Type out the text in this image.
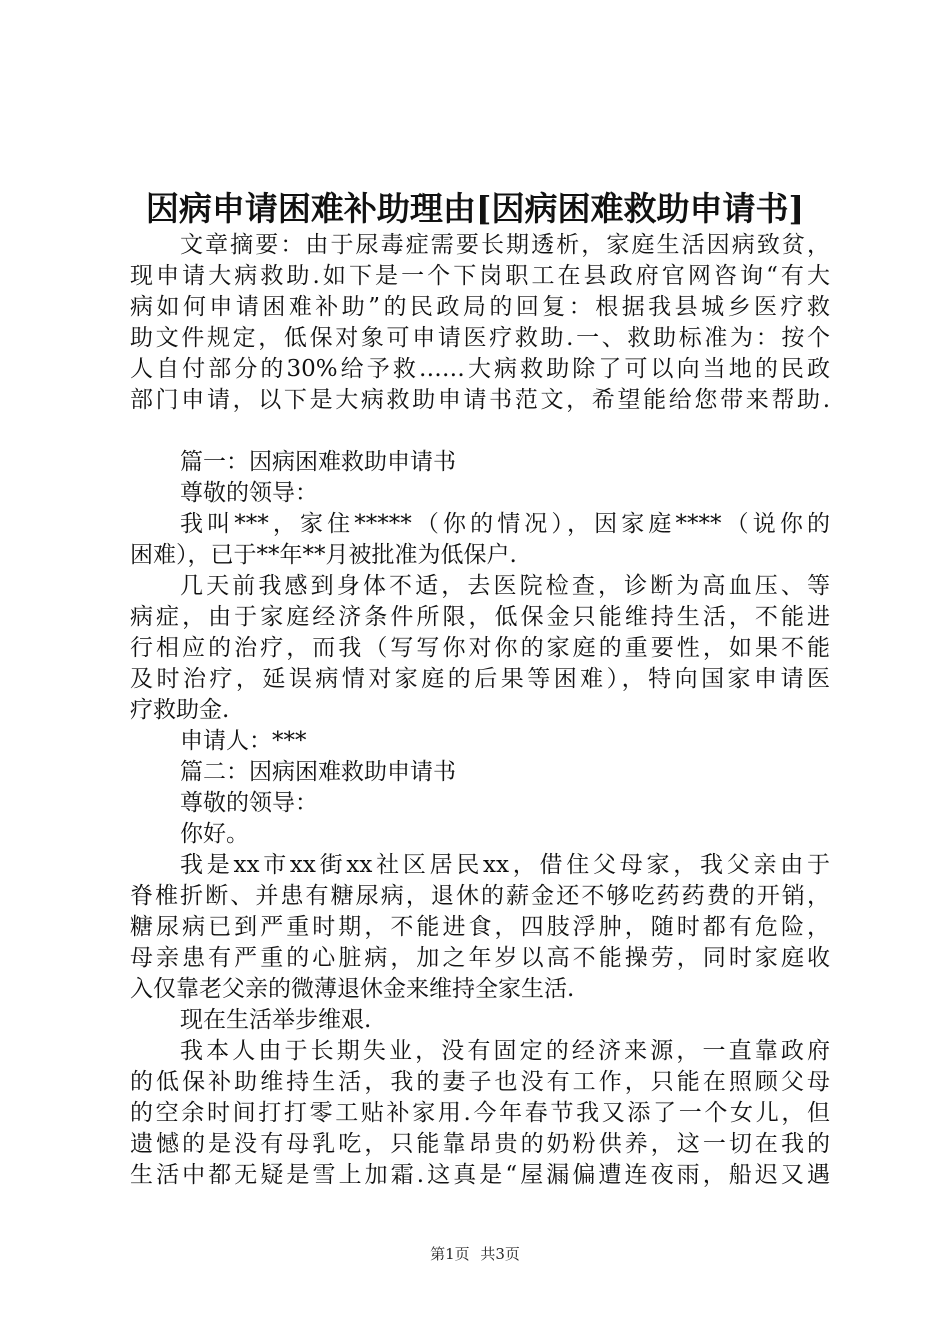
因病申请困难补助理由[因病困难救助申请书]
文章摘要：由于尿毒症需要长期透析，家庭生活因病致贫，
现申请大病救助.如下是一个下岗职工在县政府官网咨询“有大
病如何申请困难补助”的民政局的回复：根据我县城乡医疗救
助文件规定，低保对象可申请医疗救助.一、救助标准为：按个
人自付部分的30%给予救……大病救助除了可以向当地的民政
部门申请，以下是大病救助申请书范文，希望能给您带来帮助.
篇一：因病困难救助申请书
尊敬的领导：
我叫***，家住*****（你的情况），因家庭****（说你的
困难），已于**年**月被批准为低保户.
几天前我感到身体不适，去医院检查，诊断为高血压、等
病症，由于家庭经济条件所限，低保金只能维持生活，不能进
行相应的治疗，而我（写写你对你的家庭的重要性，如果不能
及时治疗，延误病情对家庭的后果等困难），特向国家申请医
疗救助金.
申请人：***
篇二：因病困难救助申请书
尊敬的领导：
你好。
我是xx市xx街xx社区居民xx，借住父母家，我父亲由于
脊椎折断、并患有糖尿病，退休的薪金还不够吃药药费的开销，
糖尿病已到严重时期，不能进食，四肢浮肿，随时都有危险，
母亲患有严重的心脏病，加之年岁以高不能操劳，同时家庭收
入仅靠老父亲的微薄退休金来维持全家生活.
现在生活举步维艰.
我本人由于长期失业，没有固定的经济来源，一直靠政府
的低保补助维持生活，我的妻子也没有工作，只能在照顾父母
的空余时间打打零工贴补家用.今年春节我又添了一个女儿，但
遗憾的是没有母乳吃，只能靠昂贵的奶粉供养，这一切在我的
生活中都无疑是雪上加霜.这真是“屋漏偏遭连夜雨，船迟又遇
第1页 共3页
